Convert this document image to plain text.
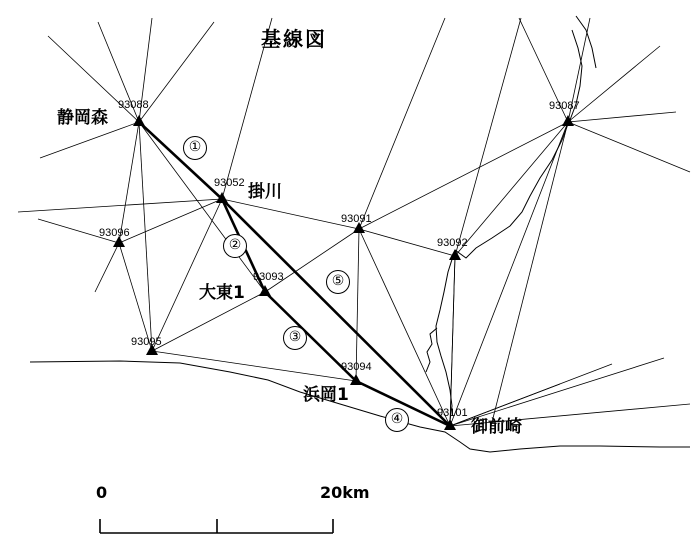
基線図
93088
93052
93096
93091
93092
93087
93093
93095
93094
93101
静岡森
掛川
大東1
浜岡1
御前崎
①
②
③
④
⑤
0	20km
